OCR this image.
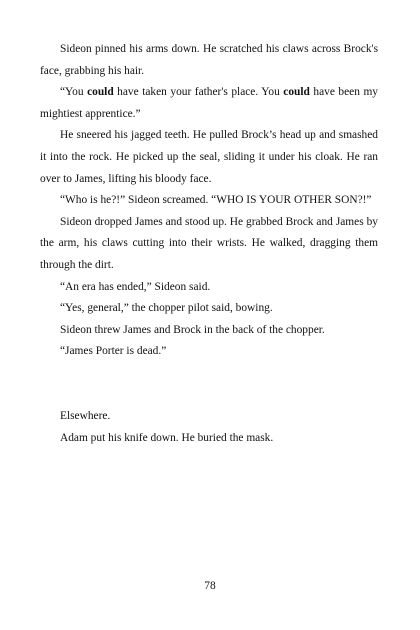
Sideon pinned his arms down. He scratched his claws across Brock's face, grabbing his hair.

“You could have taken your father's place. You could have been my mightiest apprentice.”

He sneered his jagged teeth. He pulled Brock’s head up and smashed it into the rock. He picked up the seal, sliding it under his cloak. He ran over to James, lifting his bloody face.

“Who is he?!” Sideon screamed. “WHO IS YOUR OTHER SON?!”

Sideon dropped James and stood up. He grabbed Brock and James by the arm, his claws cutting into their wrists. He walked, dragging them through the dirt.

“An era has ended,” Sideon said.

“Yes, general,” the chopper pilot said, bowing.

Sideon threw James and Brock in the back of the chopper.

“James Porter is dead.”

Elsewhere.

Adam put his knife down. He buried the mask.

78
